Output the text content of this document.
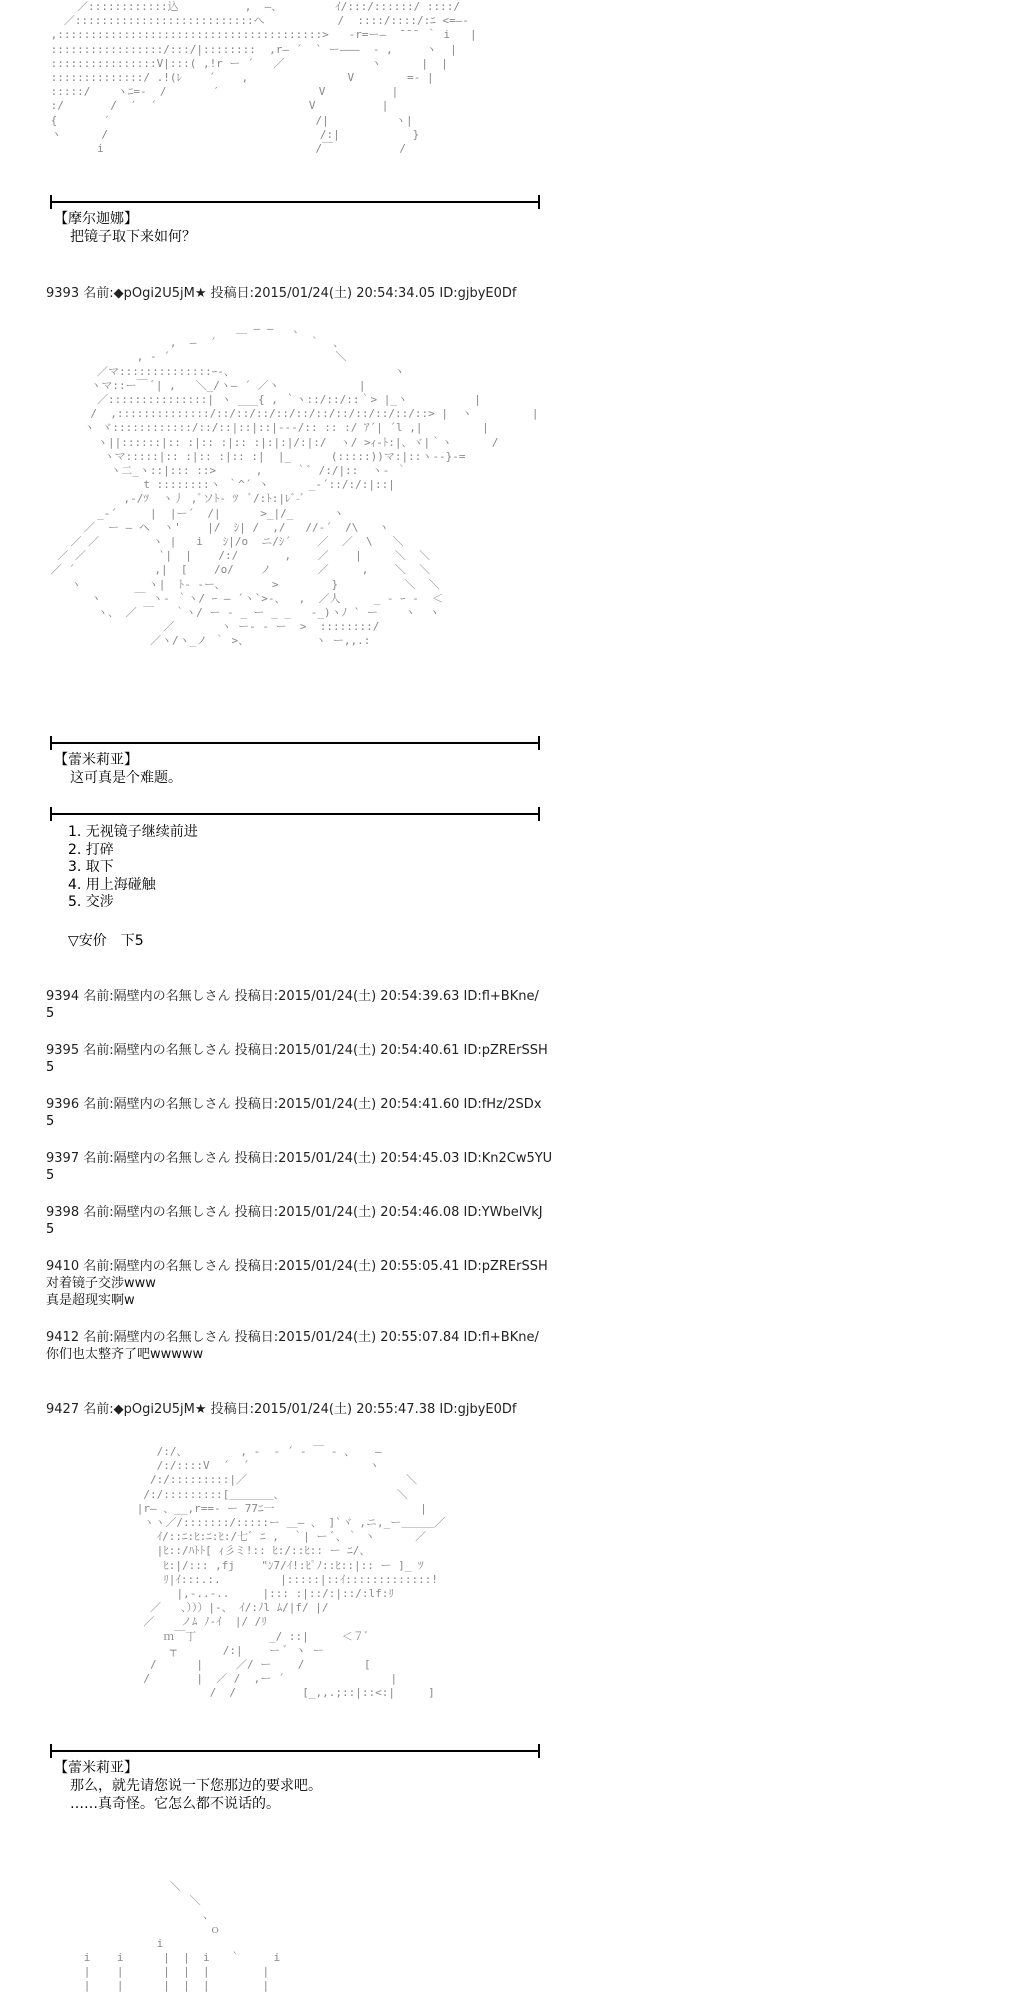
／::::::::::::込          ,  ―、        ｲ/:::/::::::/ ::::/
／:::::::::::::::::::::::::::へ           /  ::::/::::/:ﾆ <=―-
,::::::::::::::::::::::::::::::::::::::::>   -r=ー―  ̄ ̄ ̄  ｀ i   |
:::::::::::::::::/:::/|::::::::  ,r― ´  ` ー―――  - ,     ヽ  |
::::::::::::::::V|:::( ,!r ー ´   ／             ヽ      |  |
::::::::::::::/ .!(ﾚ    ´    ,               V        =- |
:::::/    ヽﾆ=-  /       ′               V          |
:/       /  ′  ´                       V          |
{       ′                               /|          ヽ|
ヽ      /                                /:|           }
i                                /￣          /
【摩尔迦娜】
把镜子取下来如何？
9393 名前:◆pOgi2U5jM★ 投稿日:2015/01/24(土) 20:54:34.05 ID:gjbyE0Df
＿ ― ―   、
,  ―  ´              ｀  、
, ‐ ´                         ＼
／マ::::::::::::::ｰ-、                        ヽ
ヽマ::ー￣ ﾞ| ,   ＼_/ヽ― ´ ／ヽ            |
／:::::::::::::::| ヽ ___{ , ｀ヽ::/::/::｀> |_ヽ          |
/  ,::::::::::::::/::/::/::/::/::/::/::/::/::/::/::> |  ヽ         |
ヽ ヾ::::::::::::/::/::|::|::|---/:: :: :/ ｱ´| ´l ,|         |
ヽ||::::::|:: :|:: :|:: :|:|:|/:|:/  ヽ/ >ｨ-ﾄ:|、ヾ|｀ヽ      /
ヽマ:::::|:: :|:: :|:: :|  |_      (:::::))マ:|::ヽ--}-=
ヽ二_ヽ::|::: ::>      ,     ｀ﾞ /:/|::  ヽ- ｀
t ::::::::ヽ ｀^´ ヽ      _-´::/:/:|::|
,-/ﾂ  ヽ丿 ,ﾞソﾄ- ﾂ  ﾞ/:ﾄ:|ﾚﾞ-ﾞ
_-´     |  |ー´  /|      >_|/_      ヽ
／  ー ― ヘ  ヽ'    |/  ｼ| /  ,/   //-´  /\   ヽ
／ ／        ヽ |   i   ｼ|/o  ニ/ｼ´    ／  ／  \   ＼
／ ／           `|  |    /:/       ,    ／    |     ＼  ＼
／ ´            ,|  [    /o/    ノ       ／     ,    ＼  ＼
ヽ          ヽ|  ﾄ- -ー、       >        }          ＼  ＼
ヽ     ￣ ヽ- ｀ヽ/ ｰ ― ´ヽ`>-、  ,  ／人     _ - ｰ -  ＜
ヽ、 ／ ￣   ｀ヽ/ ー - _ ー _ _   -_)ヽﾉ ` ー    ヽ  ヽ
／       ヽ ー- - ー  >  ::::::::/
／ヽ/ヽ_ノ ｀ >、          ヽ ー,,.:
【蕾米莉亚】
这可真是个难题。
1. 无视镜子继续前进
2. 打碎
3. 取下
4. 用上海碰触
5. 交涉
▽安价　下5
9394 名前:隔壁内の名無しさん 投稿日:2015/01/24(土) 20:54:39.63 ID:fl+BKne/
5
9395 名前:隔壁内の名無しさん 投稿日:2015/01/24(土) 20:54:40.61 ID:pZRErSSH
5
9396 名前:隔壁内の名無しさん 投稿日:2015/01/24(土) 20:54:41.60 ID:fHz/2SDx
5
9397 名前:隔壁内の名無しさん 投稿日:2015/01/24(土) 20:54:45.03 ID:Kn2Cw5YU
5
9398 名前:隔壁内の名無しさん 投稿日:2015/01/24(土) 20:54:46.08 ID:YWbelVkJ
5
9410 名前:隔壁内の名無しさん 投稿日:2015/01/24(土) 20:55:05.41 ID:pZRErSSH
对着镜子交涉www
真是超现实啊w
9412 名前:隔壁内の名無しさん 投稿日:2015/01/24(土) 20:55:07.84 ID:fl+BKne/
你们也太整齐了吧wwwww
9427 名前:◆pOgi2U5jM★ 投稿日:2015/01/24(土) 20:55:47.38 ID:gjbyE0Df
/:/、        , -  ‐ ´ ‐ ￣ ‐ 、   ―
/:/::::V  ´  ´                  ヽ
/:/:::::::::|／                        ＼
/:/:::::::::[＿＿＿＿、                 ＼
|r― 、__,r==- ー 77ﾆ一                      |
ヽヽ／/:::::::/:::::ー ＿― 、 ]`ヾ ,ニ,_ー＿＿＿／
ｲ/::ﾆ:ﾋ:ﾆ:ﾋ:/七ﾞ ﾆ ,  ｀| ー ﾞ、｀ ヽ      ／
|ﾋ::/ﾊﾄﾄ[ ｨ彡ミ!:: ﾋ:/::ﾋ:: ー ﾆ/、
ﾋ:|/::: ,fj    "ﾝ7/ｲ!:ﾋﾟﾉ::ﾋ::|:: ー ]_ ﾂ
ﾘ|ｲ:::.:.         |:::::|::ｲ:::::::::::::!
|,-..-..     |::: :|::/:|::/:lf:ﾘ
／   、）））|-、 ｲ/:ﾉl ﾑ/|f/ |/
／    ノﾑ ﾉ-ｲ  |/ /ﾘ
ｍ￣丁           _/ ::|     ＜７ﾞ
┬       /:|    ー ﾞ ヽ ー
/      |     ／/ ー    /         [
/       |  ／ /  ,ー ´                |
/  /          [_,,.;::|::<:|     ]
【蕾米莉亚】
那么，就先请您说一下您那边的要求吧。
……真奇怪。它怎么都不说话的。
＼
＼
、
ｏ
i
i    i      |  |  i   ｀     i
|    |      |  |  |        |
|    |      |  |  |        |
